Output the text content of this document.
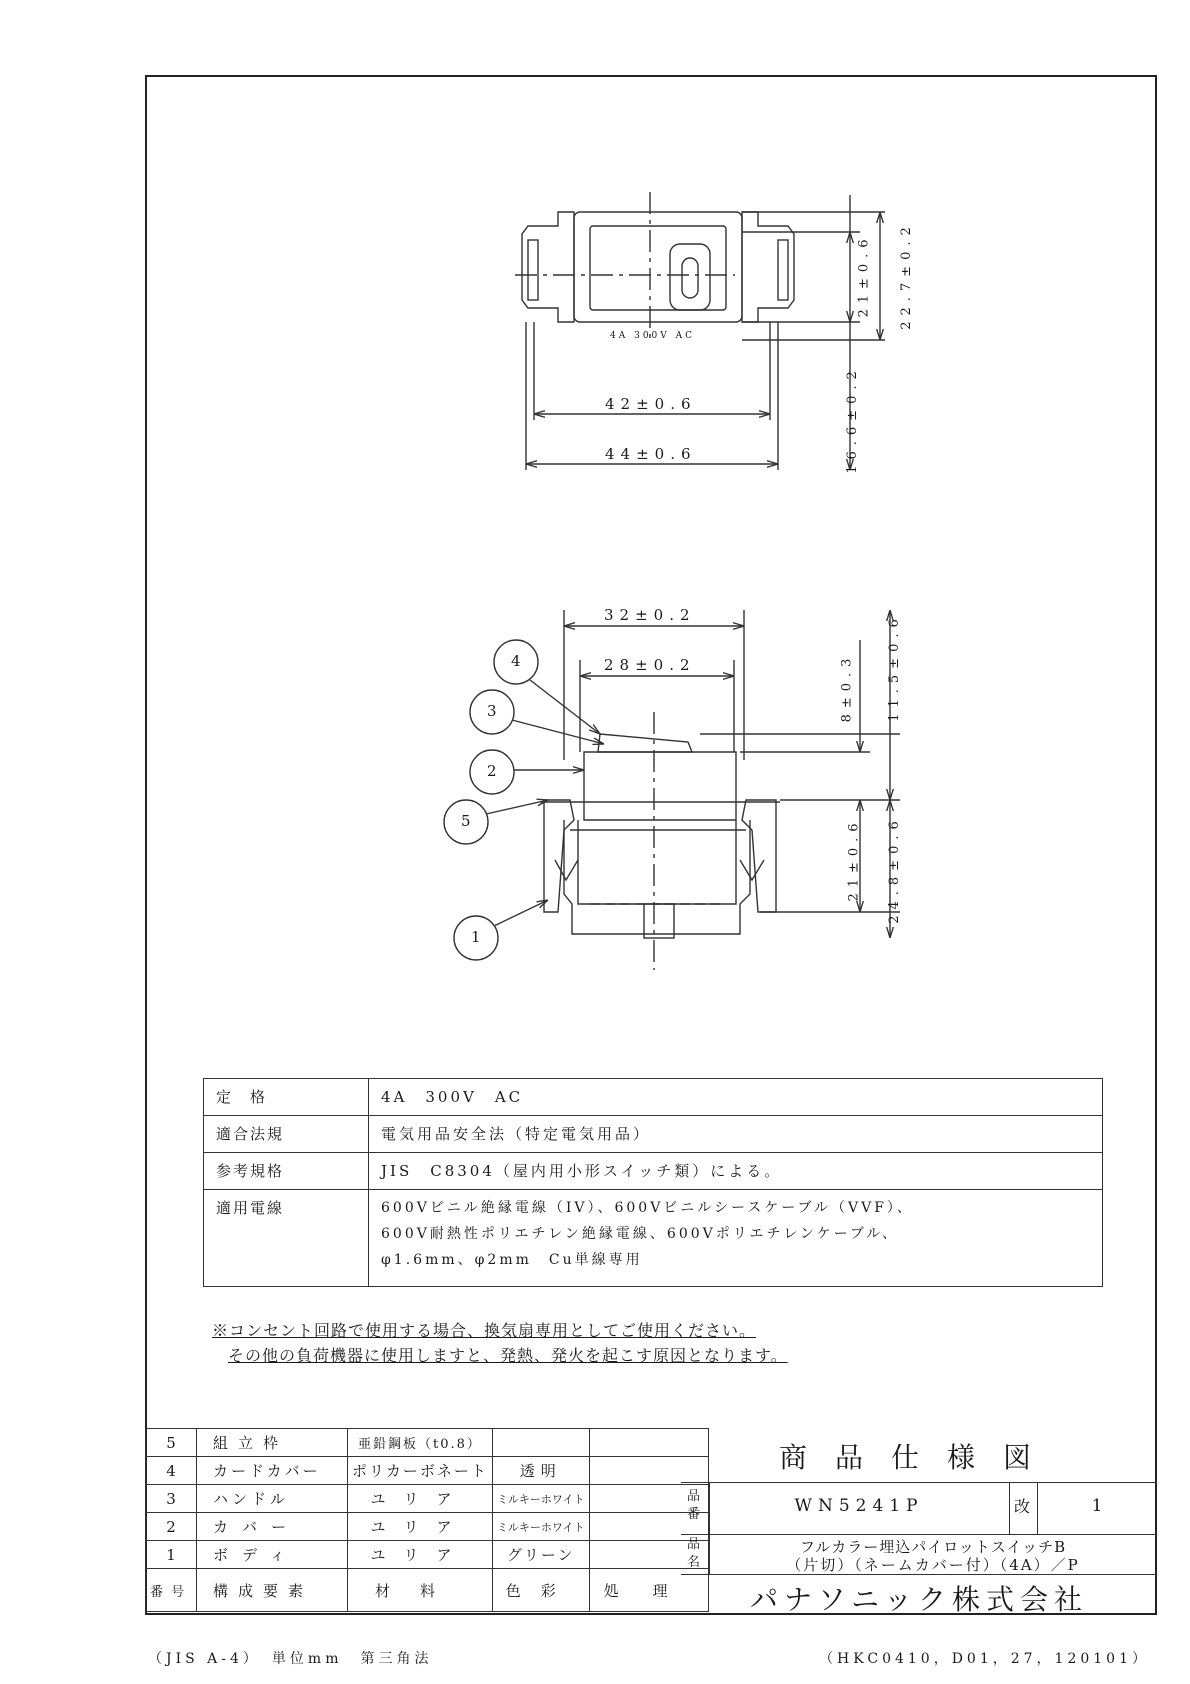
4A 300V AC
42±0.6
44±0.6
21±0.6 22.7±0.2
16.6±0.2
32±0.2
28±0.2	8±0.3 11.5±0.6
21±0.6 24.8±0.6
4
3
2
5
1
定　格	4A　300V　AC
適合法規	電気用品安全法（特定電気用品）
参考規格	JIS　C8304（屋内用小形スイッチ類）による。
適用電線	600Vビニル絶縁電線（IV）、600Vビニルシースケーブル（VVF）、
600V耐熱性ポリエチレン絶縁電線、600Vポリエチレンケーブル、
φ1.6mm、φ2mm　Cu単線専用
※コンセント回路で使用する場合、換気扇専用としてご使用ください。
その他の負荷機器に使用しますと、発熱、発火を起こす原因となります。
5	組立枠	亜鉛鋼板（t0.8）		
4	カードカバー	ポリカーボネート	透明	
3	ハンドル	ユリア	ミルキーホワイト	
2	カバー	ユリア	ミルキーホワイト	
1	ボディ	ユリア	グリーン	
番号	構成要素	材料	色彩	処理
商品仕様図
品番	WN5241P	改	1
品名
フルカラー埋込パイロットスイッチB
（片切）（ネームカバー付）（4A）／P
パナソニック株式会社
（JIS A-4）　単位mm　第三角法	（HKC0410，D01，27，120101）
